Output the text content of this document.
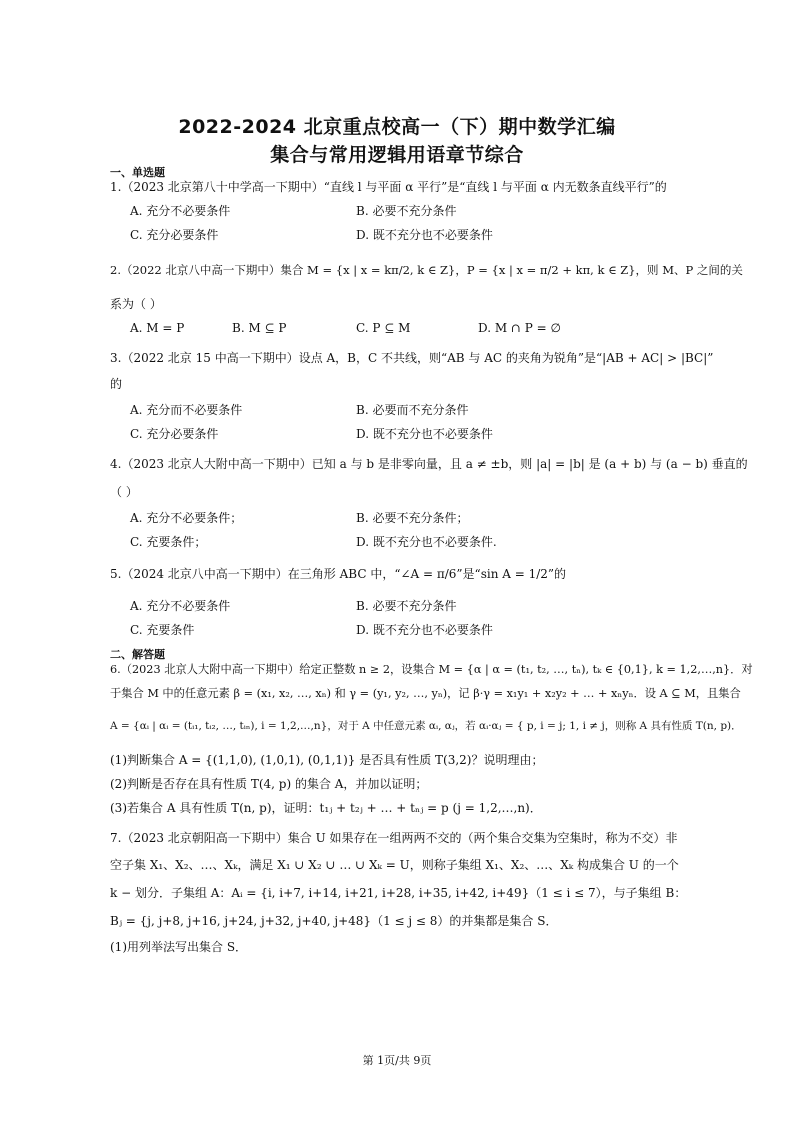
2022-2024 北京重点校高一（下）期中数学汇编
集合与常用逻辑用语章节综合
一、单选题
1.（2023 北京第八十中学高一下期中）“直线 l 与平面 α 平行”是“直线 l 与平面 α 内无数条直线平行”的
A. 充分不必要条件	B. 必要不充分条件
C. 充分必要条件	D. 既不充分也不必要条件
2.（2022 北京八中高一下期中）集合 M = {x | x = kπ/2, k ∈ Z}，P = {x | x = π/2 + kπ, k ∈ Z}，则 M、P 之间的关
系为（ ）
A. M = P	B. M ⊆ P	C. P ⊆ M	D. M ∩ P = ∅
3.（2022 北京 15 中高一下期中）设点 A，B，C 不共线，则“AB 与 AC 的夹角为锐角”是“|AB + AC| > |BC|”
的
A. 充分而不必要条件	B. 必要而不充分条件
C. 充分必要条件	D. 既不充分也不必要条件
4.（2023 北京人大附中高一下期中）已知 a 与 b 是非零向量，且 a ≠ ±b，则 |a| = |b| 是 (a + b) 与 (a − b) 垂直的
（ ）
A. 充分不必要条件；	B. 必要不充分条件；
C. 充要条件；	D. 既不充分也不必要条件.
5.（2024 北京八中高一下期中）在三角形 ABC 中，“∠A = π/6”是“sin A = 1/2”的
A. 充分不必要条件	B. 必要不充分条件
C. 充要条件	D. 既不充分也不必要条件
二、解答题
6.（2023 北京人大附中高一下期中）给定正整数 n ≥ 2，设集合 M = {α | α = (t₁, t₂, …, tₙ), tₖ ∈ {0,1}, k = 1,2,…,n}．对
于集合 M 中的任意元素 β = (x₁, x₂, …, xₙ) 和 γ = (y₁, y₂, …, yₙ)，记 β·γ = x₁y₁ + x₂y₂ + … + xₙyₙ．设 A ⊆ M，且集合
A = {αᵢ | αᵢ = (tᵢ₁, tᵢ₂, …, tᵢₙ), i = 1,2,…,n}，对于 A 中任意元素 αᵢ, αⱼ，若 αᵢ·αⱼ = { p, i = j; 1, i ≠ j，则称 A 具有性质 T(n, p)．
(1)判断集合 A = {(1,1,0), (1,0,1), (0,1,1)} 是否具有性质 T(3,2)？说明理由；
(2)判断是否存在具有性质 T(4, p) 的集合 A，并加以证明；
(3)若集合 A 具有性质 T(n, p)，证明：t₁ⱼ + t₂ⱼ + … + tₙⱼ = p (j = 1,2,…,n)．
7.（2023 北京朝阳高一下期中）集合 U 如果存在一组两两不交的（两个集合交集为空集时，称为不交）非
空子集 X₁、X₂、…、Xₖ，满足 X₁ ∪ X₂ ∪ … ∪ Xₖ = U，则称子集组 X₁、X₂、…、Xₖ 构成集合 U 的一个
k − 划分．子集组 A：Aᵢ = {i, i+7, i+14, i+21, i+28, i+35, i+42, i+49}（1 ≤ i ≤ 7），与子集组 B：
Bⱼ = {j, j+8, j+16, j+24, j+32, j+40, j+48}（1 ≤ j ≤ 8）的并集都是集合 S．
(1)用列举法写出集合 S．
第 1页/共 9页
